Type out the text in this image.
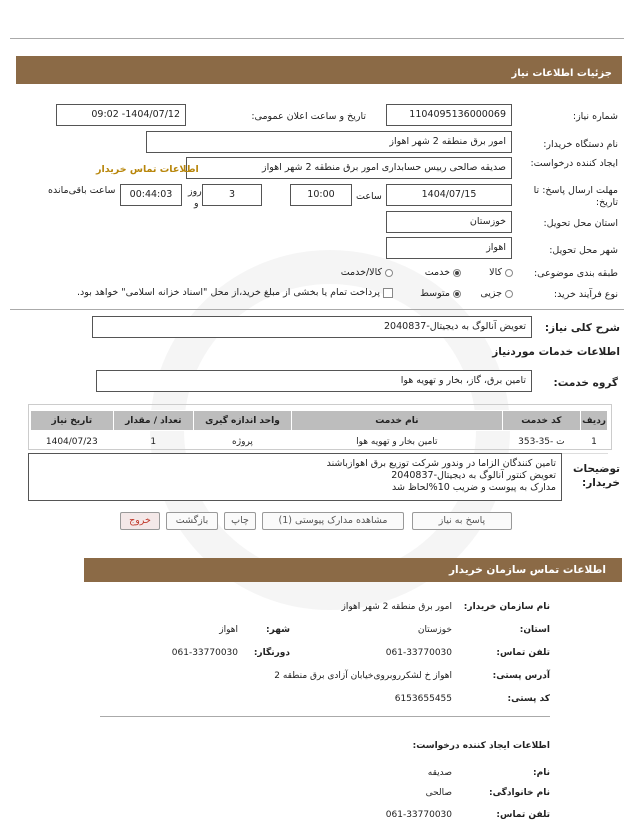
جزئیات اطلاعات نیاز
شماره نیاز:
1104095136000069
تاریخ و ساعت اعلان عمومی:
1404/07/12- 09:02
نام دستگاه خریدار:
امور برق منطقه 2 شهر اهواز
ایجاد کننده درخواست:
صدیقه صالحی رییس حسابداری امور برق منطقه 2 شهر اهواز
اطلاعات تماس خریدار
مهلت ارسال پاسخ: تا تاریخ:
1404/07/15
ساعت
10:00
3
روز
و
00:44:03
ساعت باقی‌مانده
استان محل تحویل:
خوزستان
شهر محل تحویل:
اهواز
طبقه بندی موضوعی:
کالا
خدمت
کالا/خدمت
نوع فرآیند خرید:
جزیی
متوسط
پرداخت تمام یا بخشی از مبلغ خرید،از محل "اسناد خزانه اسلامی" خواهد بود.
شرح کلی نیاز:
تعویض آنالوگ به دیجیتال-2040837
اطلاعات خدمات موردنیاز
گروه خدمت:
تامین برق، گاز، بخار و تهویه هوا
ردیف	کد خدمت	نام خدمت	واحد اندازه گیری	تعداد / مقدار	تاریخ نیاز
1	ت -35-353	تامین بخار و تهویه هوا	پروژه	1	1404/07/23
توضیحات خریدار:
تامین کنندگان الزاما در وندور شرکت توزیع برق اهوازباشند
تعویض کنتور آنالوگ به دیجیتال-2040837
مدارک به پیوست و ضریب 10%لحاظ شد
پاسخ به نیاز
مشاهده مدارک پیوستی (1)
چاپ
بازگشت
خروج
اطلاعات تماس سازمان خریدار
نام سازمان خریدار:
امور برق منطقه 2 شهر اهواز
استان:
خوزستان
شهر:
اهواز
تلفن تماس:
061-33770030
دورنگار:
061-33770030
آدرس پستی:
اهواز خ لشکرروبروی‌خیابان آزادی برق منطقه 2
کد پستی:
6153655455
اطلاعات ایجاد کننده درخواست:
نام:
صدیقه
نام خانوادگی:
صالحی
تلفن تماس:
061-33770030
